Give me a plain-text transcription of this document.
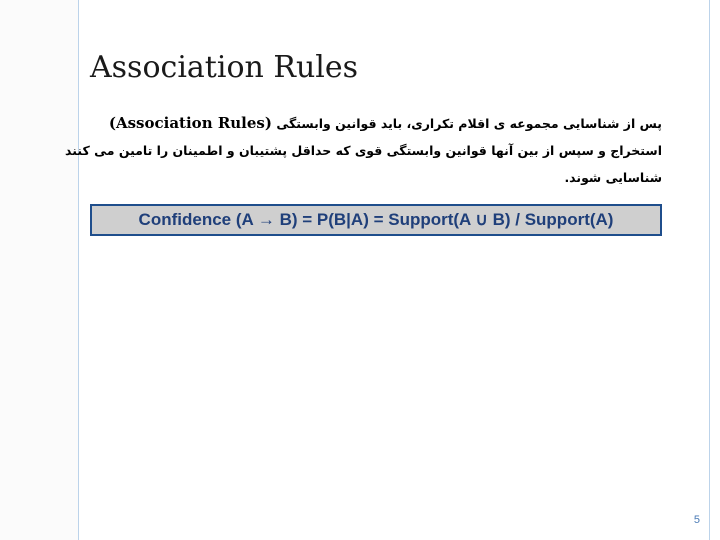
Association Rules

پس از شناسایی مجموعه ی اقلام تکراری، باید قوانین وابستگی (Association Rules)
استخراج و سپس از بین آنها قوانین وابستگی قوی که حداقل پشتیبان و اطمینان را تامین می کنند
شناسایی شوند.

Confidence (A → B) = P(B|A) = Support(A ∪ B) / Support(A)
5
